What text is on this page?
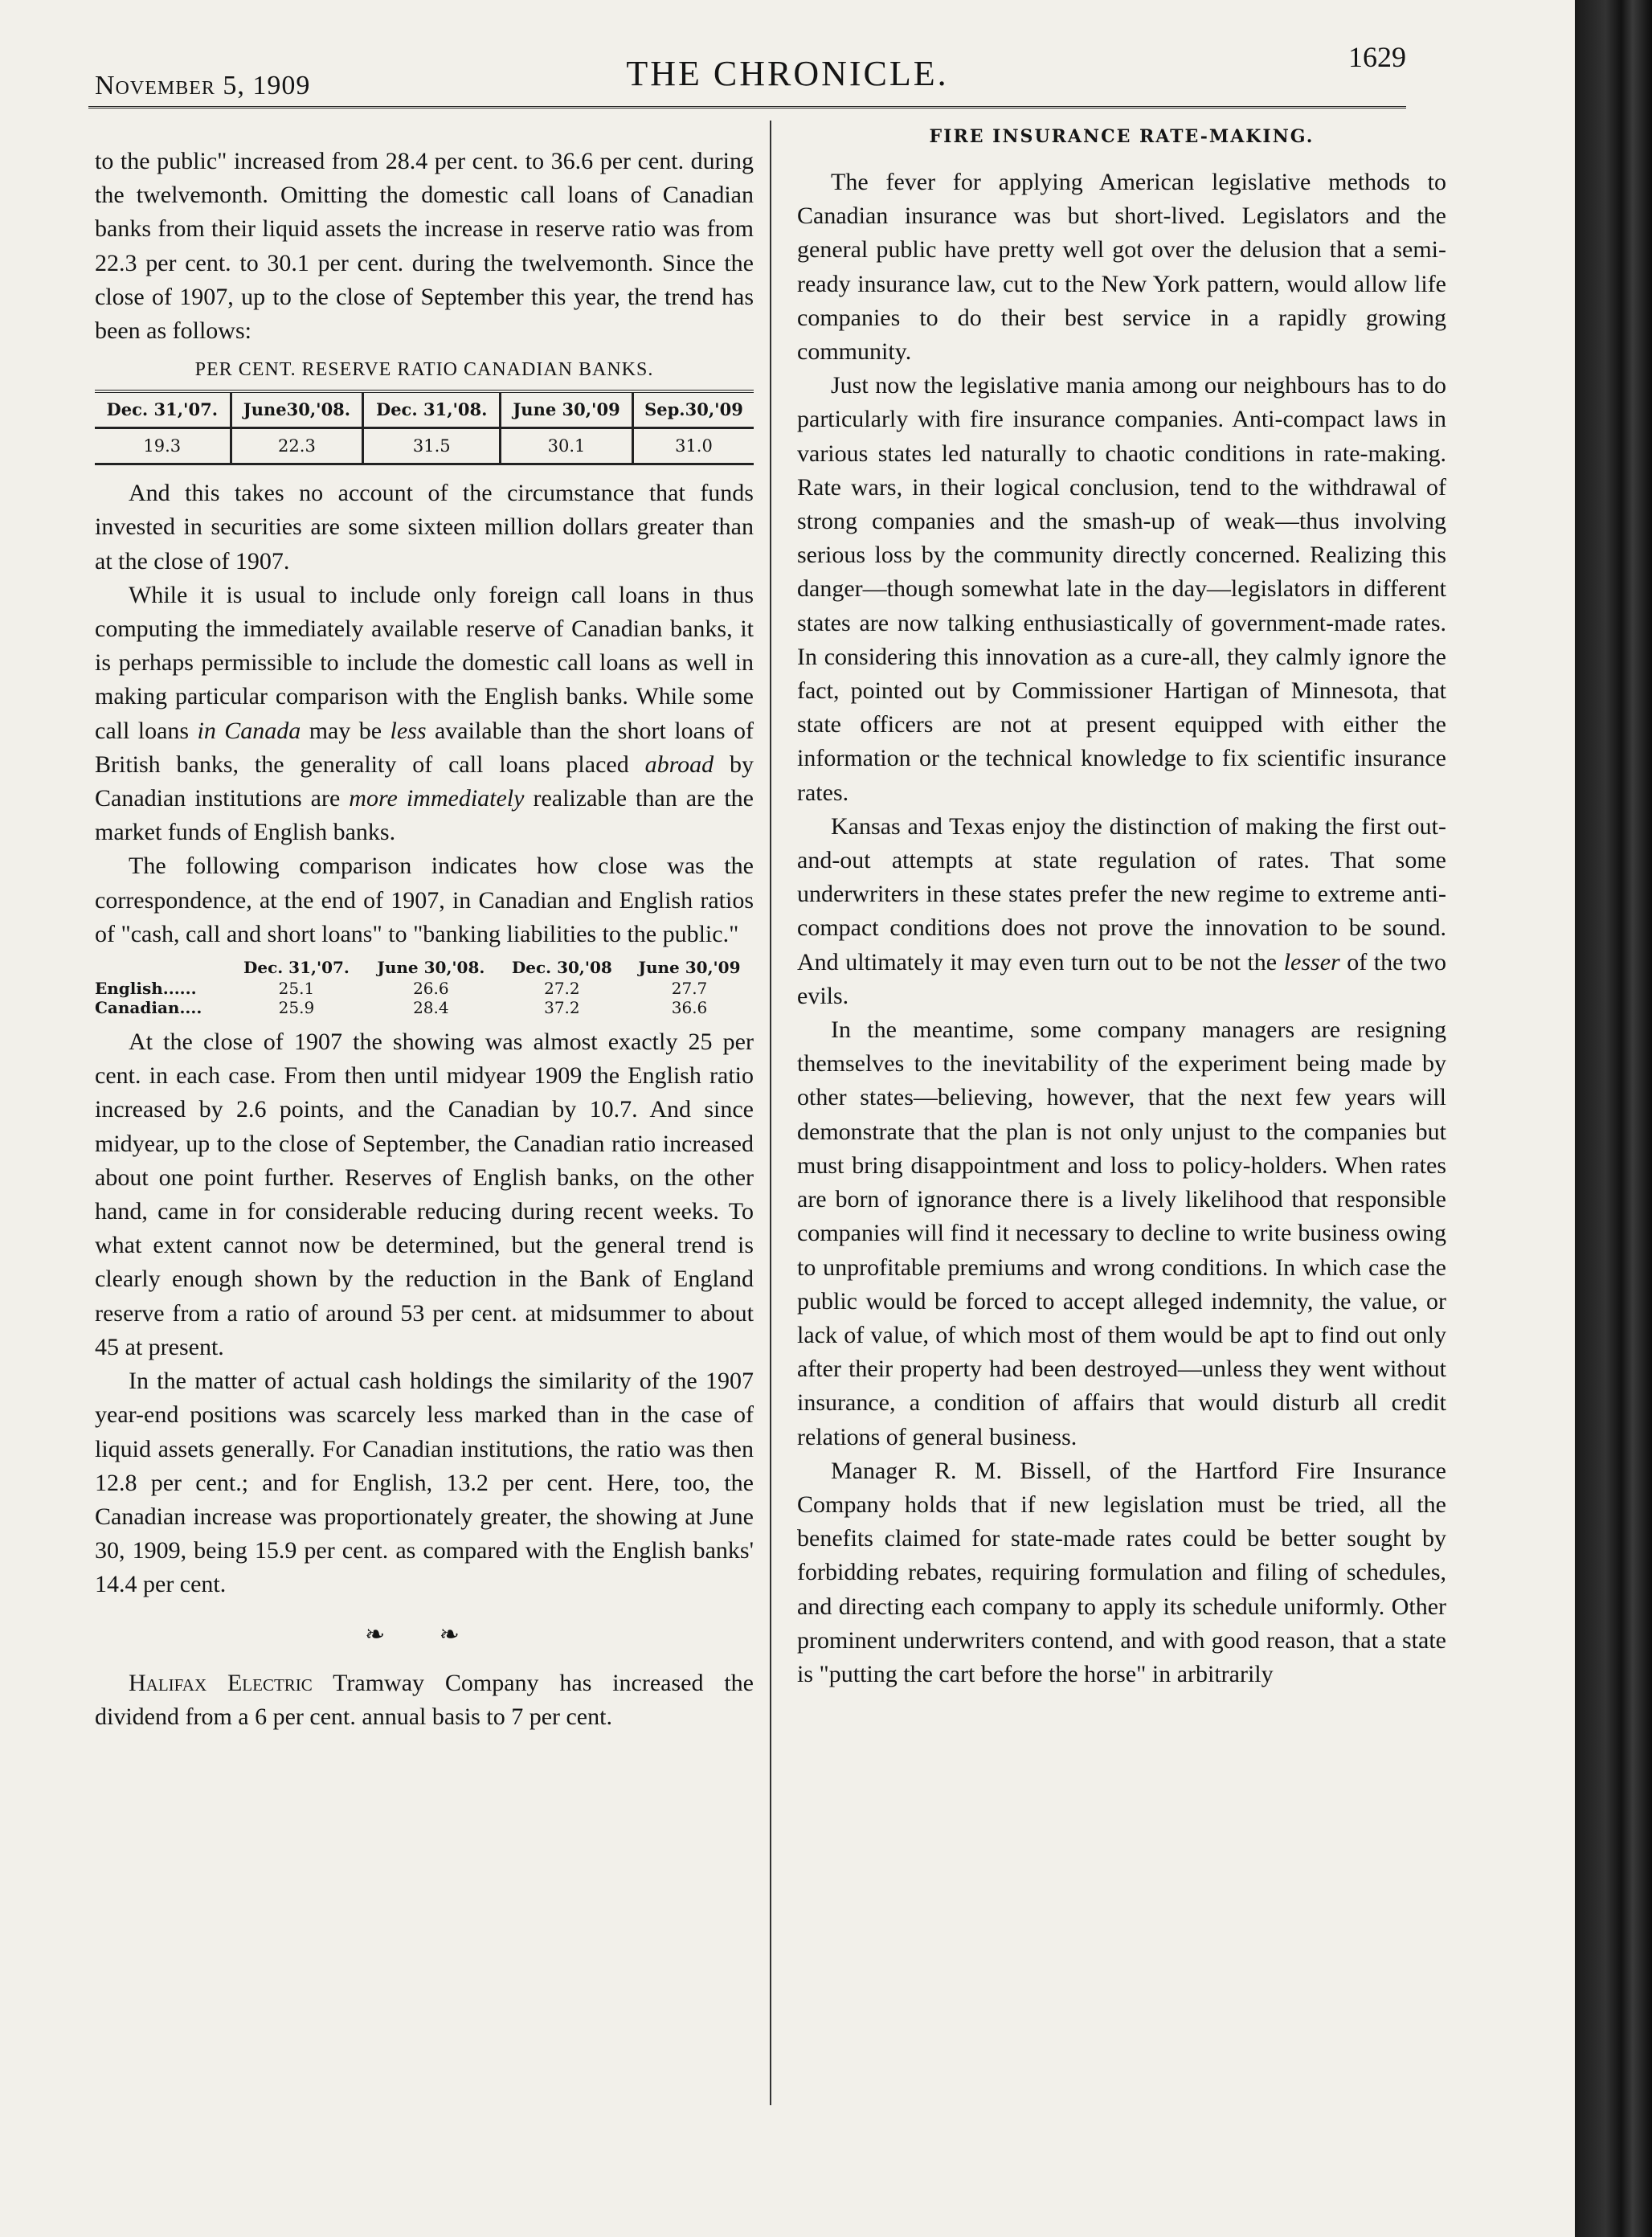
November 5, 1909	THE CHRONICLE.	1629

to the public" increased from 28.4 per cent. to 36.6 per cent. during the twelvemonth. Omitting the domestic call loans of Canadian banks from their liquid assets the increase in reserve ratio was from 22.3 per cent. to 30.1 per cent. during the twelvemonth. Since the close of 1907, up to the close of September this year, the trend has been as follows:

PER CENT. RESERVE RATIO CANADIAN BANKS.
Dec. 31,'07.	June30,'08.	Dec. 31,'08.	June 30,'09	Sep.30,'09
19.3	22.3	31.5	30.1	31.0

And this takes no account of the circumstance that funds invested in securities are some sixteen million dollars greater than at the close of 1907.

While it is usual to include only foreign call loans in thus computing the immediately available reserve of Canadian banks, it is perhaps permissible to include the domestic call loans as well in making particular comparison with the English banks. While some call loans in Canada may be less available than the short loans of British banks, the generality of call loans placed abroad by Canadian institutions are more immediately realizable than are the market funds of English banks.

The following comparison indicates how close was the correspondence, at the end of 1907, in Canadian and English ratios of "cash, call and short loans" to "banking liabilities to the public."

	Dec. 31,'07.	June 30,'08.	Dec. 30,'08	June 30,'09
English......	25.1	26.6	27.2	27.7
Canadian....	25.9	28.4	37.2	36.6

At the close of 1907 the showing was almost exactly 25 per cent. in each case. From then until midyear 1909 the English ratio increased by 2.6 points, and the Canadian by 10.7. And since midyear, up to the close of September, the Canadian ratio increased about one point further. Reserves of English banks, on the other hand, came in for considerable reducing during recent weeks. To what extent cannot now be determined, but the general trend is clearly enough shown by the reduction in the Bank of England reserve from a ratio of around 53 per cent. at midsummer to about 45 at present.

In the matter of actual cash holdings the similarity of the 1907 year-end positions was scarcely less marked than in the case of liquid assets generally. For Canadian institutions, the ratio was then 12.8 per cent.; and for English, 13.2 per cent. Here, too, the Canadian increase was proportionately greater, the showing at June 30, 1909, being 15.9 per cent. as compared with the English banks' 14.4 per cent.

❧ ❧

Halifax Electric Tramway Company has increased the dividend from a 6 per cent. annual basis to 7 per cent.

FIRE INSURANCE RATE-MAKING.

The fever for applying American legislative methods to Canadian insurance was but short-lived. Legislators and the general public have pretty well got over the delusion that a semi-ready insurance law, cut to the New York pattern, would allow life companies to do their best service in a rapidly growing community.

Just now the legislative mania among our neighbours has to do particularly with fire insurance companies. Anti-compact laws in various states led naturally to chaotic conditions in rate-making. Rate wars, in their logical conclusion, tend to the withdrawal of strong companies and the smash-up of weak—thus involving serious loss by the community directly concerned. Realizing this danger—though somewhat late in the day—legislators in different states are now talking enthusiastically of government-made rates. In considering this innovation as a cure-all, they calmly ignore the fact, pointed out by Commissioner Hartigan of Minnesota, that state officers are not at present equipped with either the information or the technical knowledge to fix scientific insurance rates.

Kansas and Texas enjoy the distinction of making the first out-and-out attempts at state regulation of rates. That some underwriters in these states prefer the new regime to extreme anti-compact conditions does not prove the innovation to be sound. And ultimately it may even turn out to be not the lesser of the two evils.

In the meantime, some company managers are resigning themselves to the inevitability of the experiment being made by other states—believing, however, that the next few years will demonstrate that the plan is not only unjust to the companies but must bring disappointment and loss to policy-holders. When rates are born of ignorance there is a lively likelihood that responsible companies will find it necessary to decline to write business owing to unprofitable premiums and wrong conditions. In which case the public would be forced to accept alleged indemnity, the value, or lack of value, of which most of them would be apt to find out only after their property had been destroyed—unless they went without insurance, a condition of affairs that would disturb all credit relations of general business.

Manager R. M. Bissell, of the Hartford Fire Insurance Company holds that if new legislation must be tried, all the benefits claimed for state-made rates could be better sought by forbidding rebates, requiring formulation and filing of schedules, and directing each company to apply its schedule uniformly. Other prominent underwriters contend, and with good reason, that a state is "putting the cart before the horse" in arbitrarily
